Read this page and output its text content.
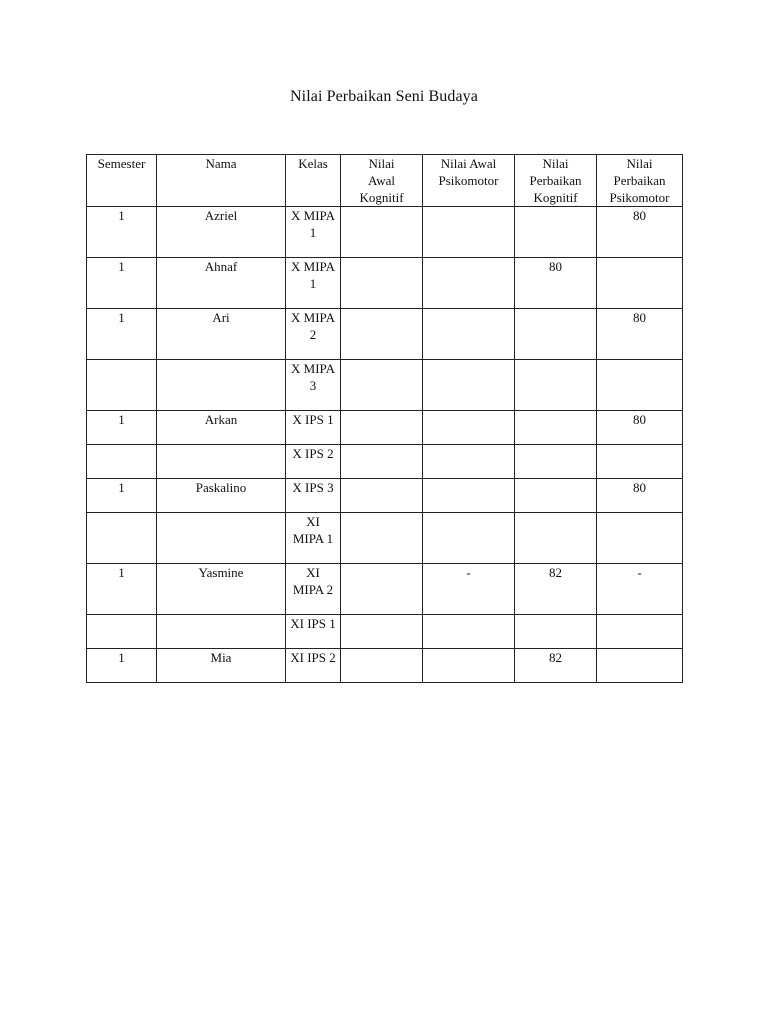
Nilai Perbaikan Seni Budaya
Semester	Nama	Kelas	Nilai Awal Kognitif	Nilai Awal Psikomotor	Nilai Perbaikan Kognitif	Nilai Perbaikan Psikomotor
1	Azriel	X MIPA 1				80
1	Ahnaf	X MIPA 1			80	
1	Ari	X MIPA 2				80
		X MIPA 3				
1	Arkan	X IPS 1				80
		X IPS 2				
1	Paskalino	X IPS 3				80
		XI MIPA 1				
1	Yasmine	XI MIPA 2		-	82	-
		XI IPS 1				
1	Mia	XI IPS 2			82	
